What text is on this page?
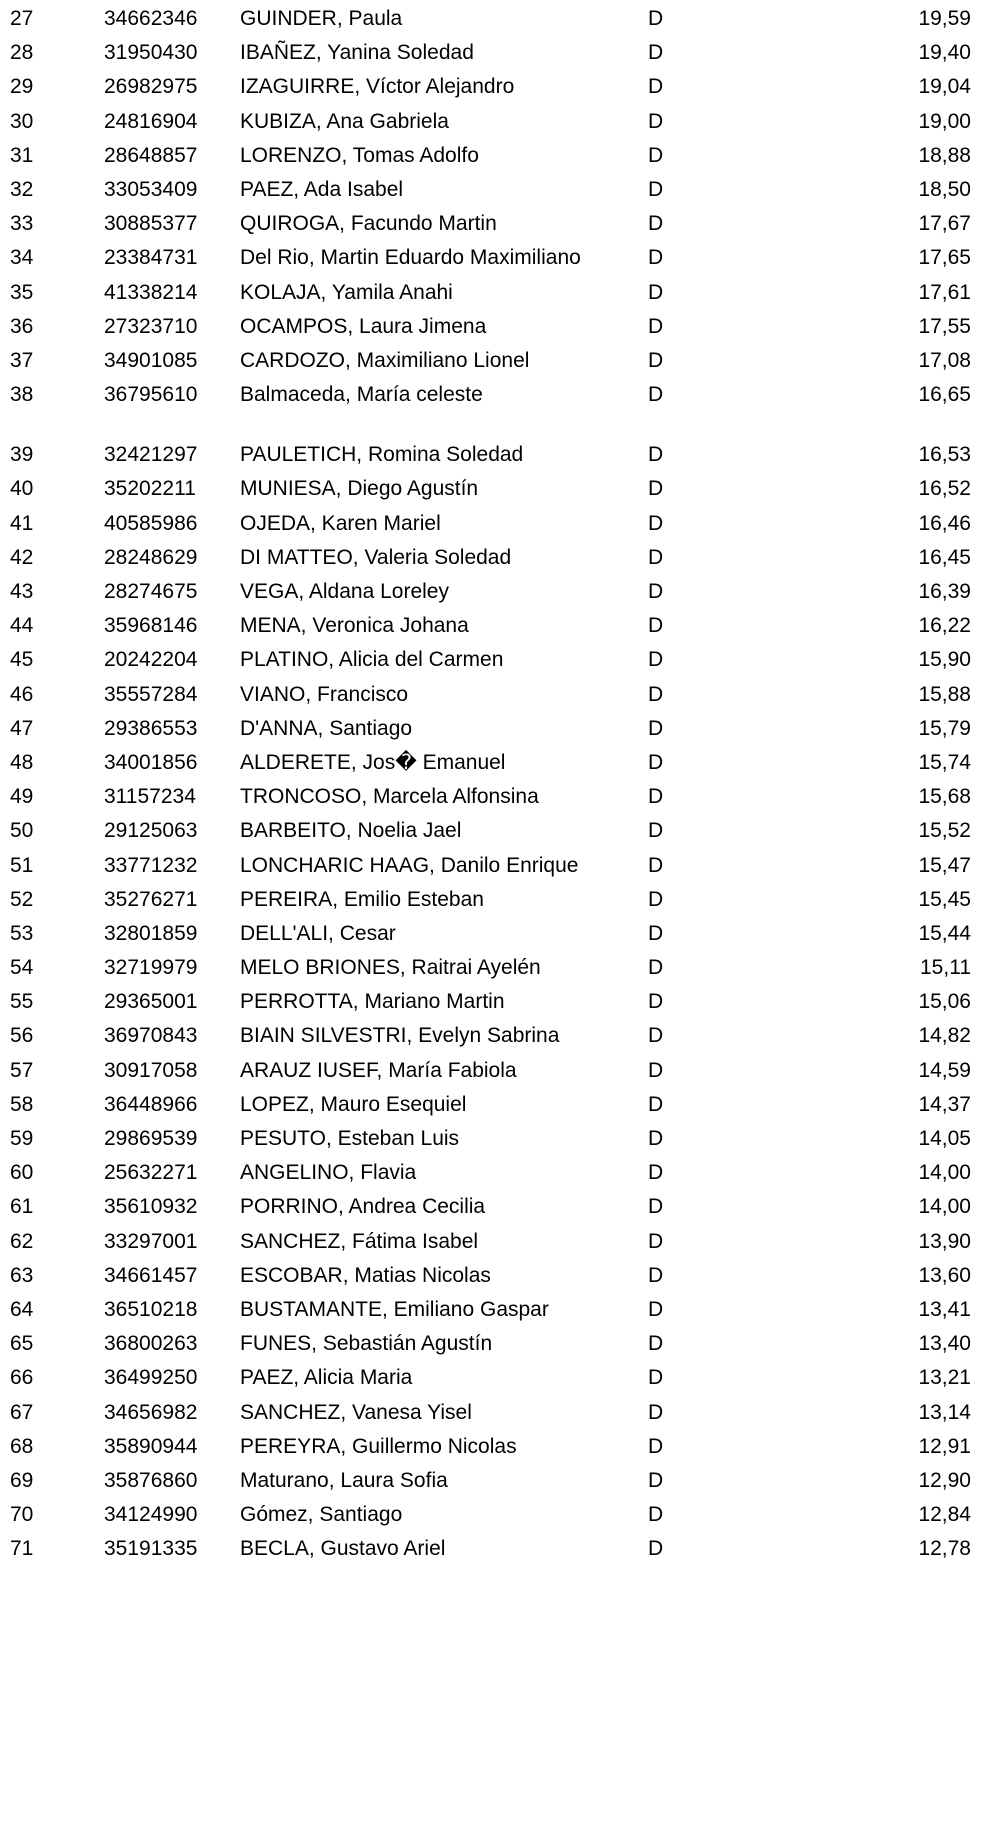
27	34662346 GUINDER, Paula	D	19,59
28	31950430 IBAÑEZ, Yanina Soledad	D	19,40
29	26982975 IZAGUIRRE, Víctor Alejandro	D	19,04
30	24816904 KUBIZA, Ana Gabriela	D	19,00
31	28648857 LORENZO, Tomas Adolfo	D	18,88
32	33053409 PAEZ, Ada Isabel	D	18,50
33	30885377 QUIROGA, Facundo Martin	D	17,67
34	23384731 Del Rio, Martin Eduardo Maximiliano	D	17,65
35	41338214 KOLAJA, Yamila Anahi	D	17,61
36	27323710 OCAMPOS, Laura Jimena	D	17,55
37	34901085 CARDOZO, Maximiliano Lionel	D	17,08
38	36795610 Balmaceda, María celeste	D	16,65
39	32421297 PAULETICH, Romina Soledad	D	16,53
40	35202211 MUNIESA, Diego Agustín	D	16,52
41	40585986 OJEDA, Karen Mariel	D	16,46
42	28248629 DI MATTEO, Valeria Soledad	D	16,45
43	28274675 VEGA, Aldana Loreley	D	16,39
44	35968146 MENA, Veronica Johana	D	16,22
45	20242204 PLATINO, Alicia del Carmen	D	15,90
46	35557284 VIANO, Francisco	D	15,88
47	29386553 D'ANNA, Santiago	D	15,79
48	34001856 ALDERETE, Jos� Emanuel	D	15,74
49	31157234 TRONCOSO, Marcela Alfonsina	D	15,68
50	29125063 BARBEITO, Noelia Jael	D	15,52
51	33771232 LONCHARIC HAAG, Danilo Enrique	D	15,47
52	35276271 PEREIRA, Emilio Esteban	D	15,45
53	32801859 DELL'ALI, Cesar	D	15,44
54	32719979 MELO BRIONES, Raitrai Ayelén	D	15,11
55	29365001 PERROTTA, Mariano Martin	D	15,06
56	36970843 BIAIN SILVESTRI, Evelyn Sabrina	D	14,82
57	30917058 ARAUZ IUSEF, María Fabiola	D	14,59
58	36448966 LOPEZ, Mauro Esequiel	D	14,37
59	29869539 PESUTO, Esteban Luis	D	14,05
60	25632271 ANGELINO, Flavia	D	14,00
61	35610932 PORRINO, Andrea Cecilia	D	14,00
62	33297001 SANCHEZ, Fátima Isabel	D	13,90
63	34661457 ESCOBAR, Matias Nicolas	D	13,60
64	36510218 BUSTAMANTE, Emiliano Gaspar	D	13,41
65	36800263 FUNES, Sebastián Agustín	D	13,40
66	36499250 PAEZ, Alicia Maria	D	13,21
67	34656982 SANCHEZ, Vanesa Yisel	D	13,14
68	35890944 PEREYRA, Guillermo Nicolas	D	12,91
69	35876860 Maturano, Laura Sofia	D	12,90
70	34124990 Gómez, Santiago	D	12,84
71	35191335 BECLA, Gustavo Ariel	D	12,78
